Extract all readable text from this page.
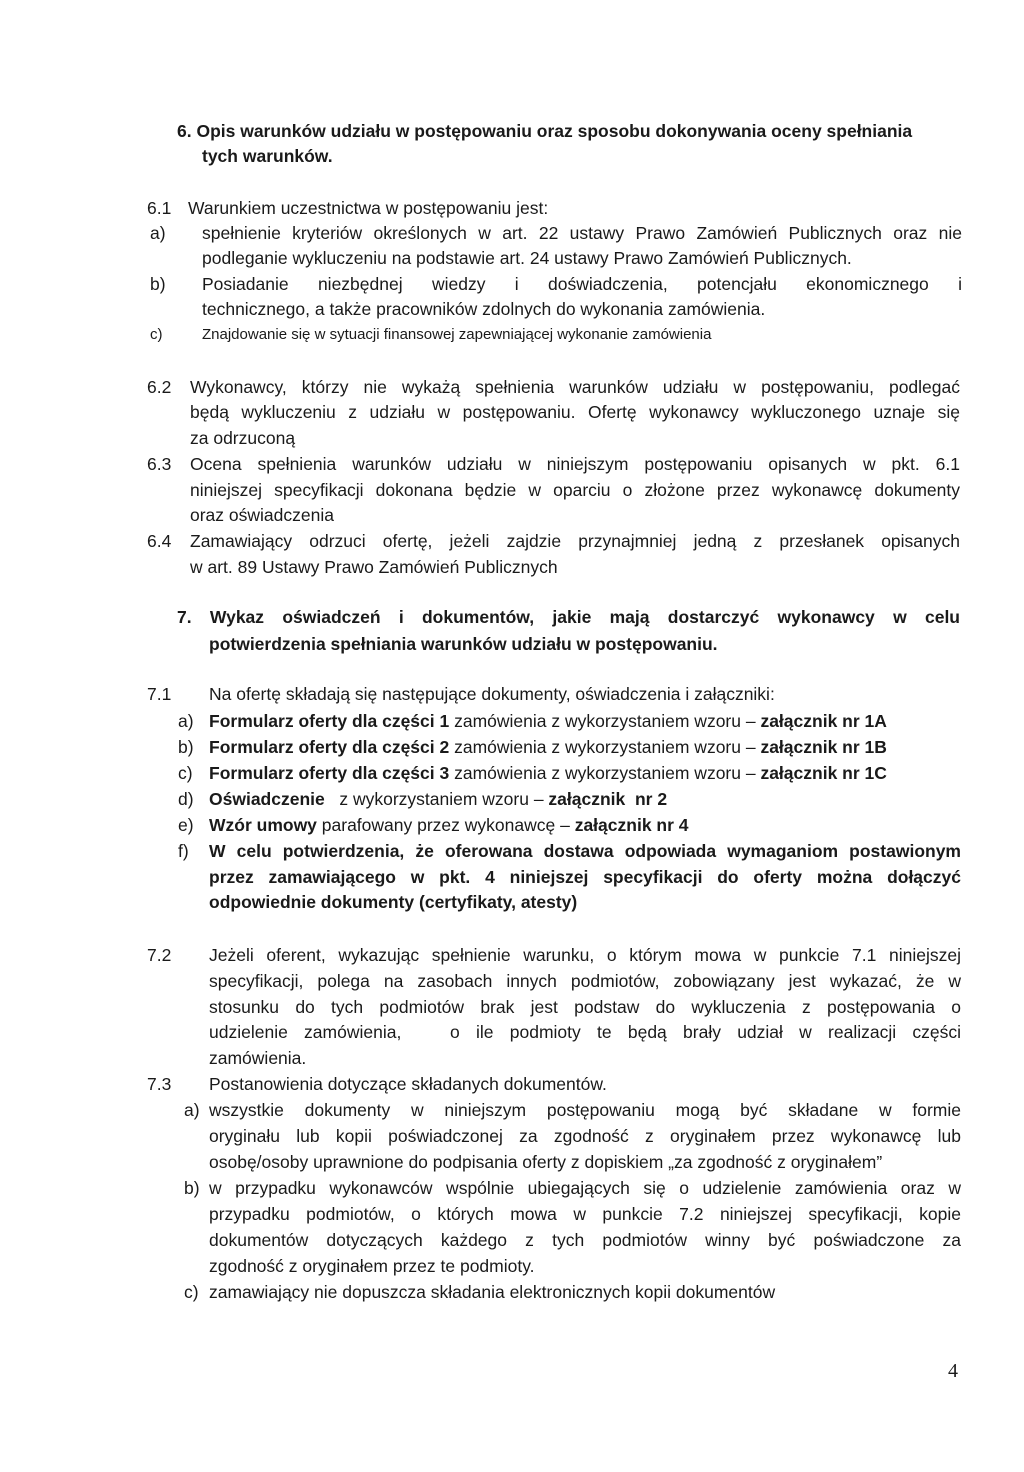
6. Opis warunków udziału w postępowaniu oraz sposobu dokonywania oceny spełniania
tych warunków.
6.1 Warunkiem uczestnictwa w postępowaniu jest:
a) spełnienie kryteriów określonych w art. 22 ustawy Prawo Zamówień Publicznych oraz nie
podleganie wykluczeniu na podstawie art. 24 ustawy Prawo Zamówień Publicznych.
b) Posiadanie niezbędnej wiedzy i doświadczenia, potencjału ekonomicznego i
technicznego, a także pracowników zdolnych do wykonania zamówienia.
c)	Znajdowanie się w sytuacji finansowej zapewniającej wykonanie zamówienia
6.2 Wykonawcy, którzy nie wykażą spełnienia warunków udziału w postępowaniu, podlegać
będą wykluczeniu z udziału w postępowaniu. Ofertę wykonawcy wykluczonego uznaje się
za odrzuconą
6.3 Ocena spełnienia warunków udziału w niniejszym postępowaniu opisanych w pkt. 6.1
niniejszej specyfikacji dokonana będzie w oparciu o złożone przez wykonawcę dokumenty
oraz oświadczenia
6.4 Zamawiający odrzuci ofertę, jeżeli zajdzie przynajmniej jedną z przesłanek opisanych
w art. 89 Ustawy Prawo Zamówień Publicznych
7. Wykaz oświadczeń i dokumentów, jakie mają dostarczyć wykonawcy w celu
potwierdzenia spełniania warunków udziału w postępowaniu.
7.1 Na ofertę składają się następujące dokumenty, oświadczenia i załączniki:
a) Formularz oferty dla części 1 zamówienia z wykorzystaniem wzoru – załącznik nr 1A
b) Formularz oferty dla części 2 zamówienia z wykorzystaniem wzoru – załącznik nr 1B
c) Formularz oferty dla części 3 zamówienia z wykorzystaniem wzoru – załącznik nr 1C
d) Oświadczenie   z wykorzystaniem wzoru – załącznik  nr 2
e) Wzór umowy parafowany przez wykonawcę – załącznik nr 4
f) W celu potwierdzenia, że oferowana dostawa odpowiada wymaganiom postawionym
przez zamawiającego w pkt. 4 niniejszej specyfikacji do oferty można dołączyć
odpowiednie dokumenty (certyfikaty, atesty)
7.2 Jeżeli oferent, wykazując spełnienie warunku, o którym mowa w punkcie 7.1 niniejszej
specyfikacji, polega na zasobach innych podmiotów, zobowiązany jest wykazać, że w
stosunku do tych podmiotów brak jest podstaw do wykluczenia z postępowania o
udzielenie zamówienia,   o ile podmioty te będą brały udział w realizacji części
zamówienia.
7.3 Postanowienia dotyczące składanych dokumentów.
a) wszystkie dokumenty w niniejszym postępowaniu mogą być składane w formie
oryginału lub kopii poświadczonej za zgodność z oryginałem przez wykonawcę lub
osobę/osoby uprawnione do podpisania oferty z dopiskiem „za zgodność z oryginałem”
b) w przypadku wykonawców wspólnie ubiegających się o udzielenie zamówienia oraz w
przypadku podmiotów, o których mowa w punkcie 7.2 niniejszej specyfikacji, kopie
dokumentów dotyczących każdego z tych podmiotów winny być poświadczone za
zgodność z oryginałem przez te podmioty.
c) zamawiający nie dopuszcza składania elektronicznych kopii dokumentów
4
